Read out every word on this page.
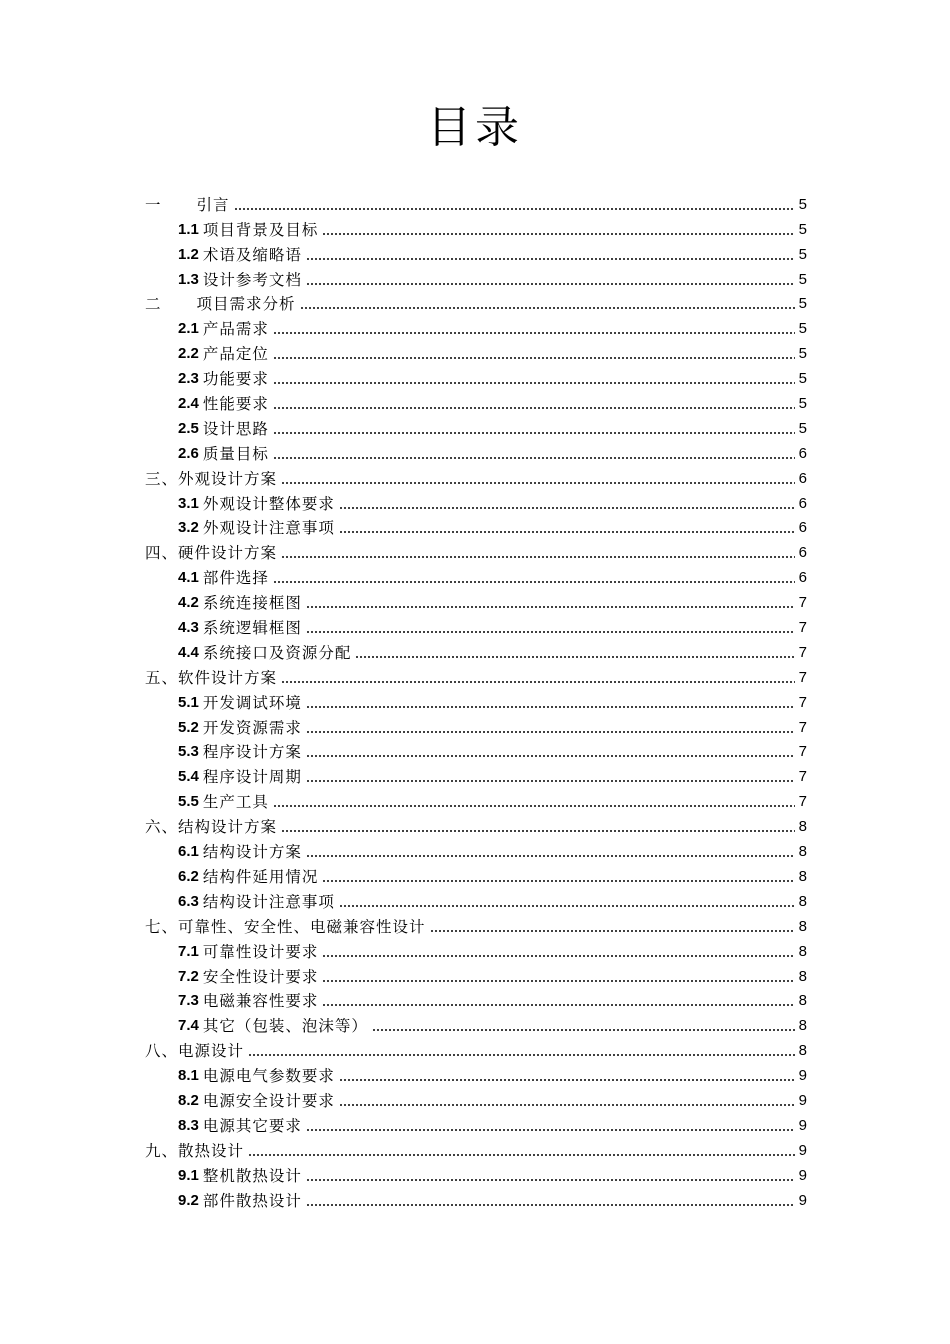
目录
一 引言	5
1.1 项目背景及目标	5
1.2 术语及缩略语	5
1.3 设计参考文档	5
二 项目需求分析	5
2.1 产品需求	5
2.2 产品定位	5
2.3 功能要求	5
2.4 性能要求	5
2.5 设计思路	5
2.6 质量目标	6
三、 外观设计方案	6
3.1 外观设计整体要求	6
3.2 外观设计注意事项	6
四、 硬件设计方案	6
4.1 部件选择	6
4.2 系统连接框图	7
4.3 系统逻辑框图	7
4.4 系统接口及资源分配	7
五、 软件设计方案	7
5.1 开发调试环境	7
5.2 开发资源需求	7
5.3 程序设计方案	7
5.4 程序设计周期	7
5.5 生产工具	7
六、 结构设计方案	8
6.1 结构设计方案	8
6.2 结构件延用情况	8
6.3 结构设计注意事项	8
七、 可靠性、安全性、电磁兼容性设计	8
7.1 可靠性设计要求	8
7.2 安全性设计要求	8
7.3 电磁兼容性要求	8
7.4 其它（包装、泡沫等）	8
八、 电源设计	8
8.1 电源电气参数要求	9
8.2 电源安全设计要求	9
8.3 电源其它要求	9
九、 散热设计	9
9.1 整机散热设计	9
9.2 部件散热设计	9
